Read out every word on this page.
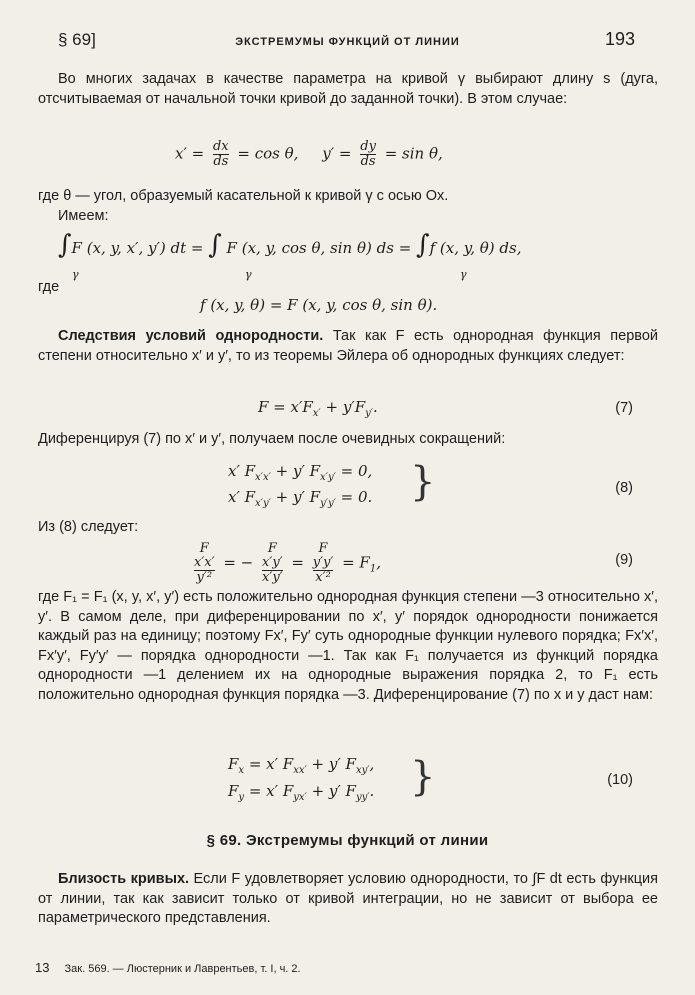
§ 69]	ЭКСТРЕМУМЫ ФУНКЦИЙ ОТ ЛИНИИ	193
Во многих задачах в качестве параметра на кривой γ выбирают длину s (дуга, отсчитываемая от начальной точки кривой до заданной точки). В этом случае:
$x' = \frac{dx}{ds} = \cos \theta$,     $y' = \frac{dy}{ds} = \sin \theta$,
где θ — угол, образуемый касательной к кривой γ с осью Ox.
Имеем:
∫F (x, y, x′, y′) dt = ∫ F (x, y, cos θ, sin θ) ds = ∫f (x, y, θ) ds,
γ	γ	γ
где
f (x, y, θ) = F (x, y, cos θ, sin θ).
Следствия условий однородности. Так как F есть однородная функция первой степени относительно x′ и y′, то из теоремы Эйлера об однородных функциях следует:
$F = x'F_{x'} + y'F_{y'}$.	(7)
Диференцируя (7) по x′ и y′, получаем после очевидных сокращений:
x′ $F_{x'x'} + y'$ $F_{x'y'} = 0$,
x′ $F_{x'y'} + y'$ $F_{y'y'} = 0$. }	(8)
Из (8) следует:
F
x′x′
y′² = − F
x′y′
x′y′ = F
y′y′
$x'^2 = F_1$,	(9)
где F₁ = F₁ (x, y, x′, y′) есть положительно однородная функция степени —3 относительно x′, y′. В самом деле, при диференцировании по x′, y′ порядок однородности понижается каждый раз на единицу; поэтому Fx′, Fy′ суть однородные функции нулевого порядка; Fx′x′, Fx′y′, Fy′y′ — порядка однородности —1. Так как F₁ получается из функций порядка однородности —1 делением их на однородные выражения порядка 2, то F₁ есть положительно однородная функция порядка —3. Диференцирование (7) по x и y даст нам:
$F_x = x'$ $F_{xx'} + y'$ $F_{xy'}$,
$F_y = x'$ $F_{yx'} + y'$ $F_{yy'}$. }	(10)
§ 69. Экстремумы функций от линии
Близость кривых. Если F удовлетворяет условию однородности, то ∫F dt есть функция от линии, так как зависит только от кривой интеграции, но не зависит от выбора ее параметрического представления.
13 Зак. 569. — Люстерник и Лаврентьев, т. I, ч. 2.
